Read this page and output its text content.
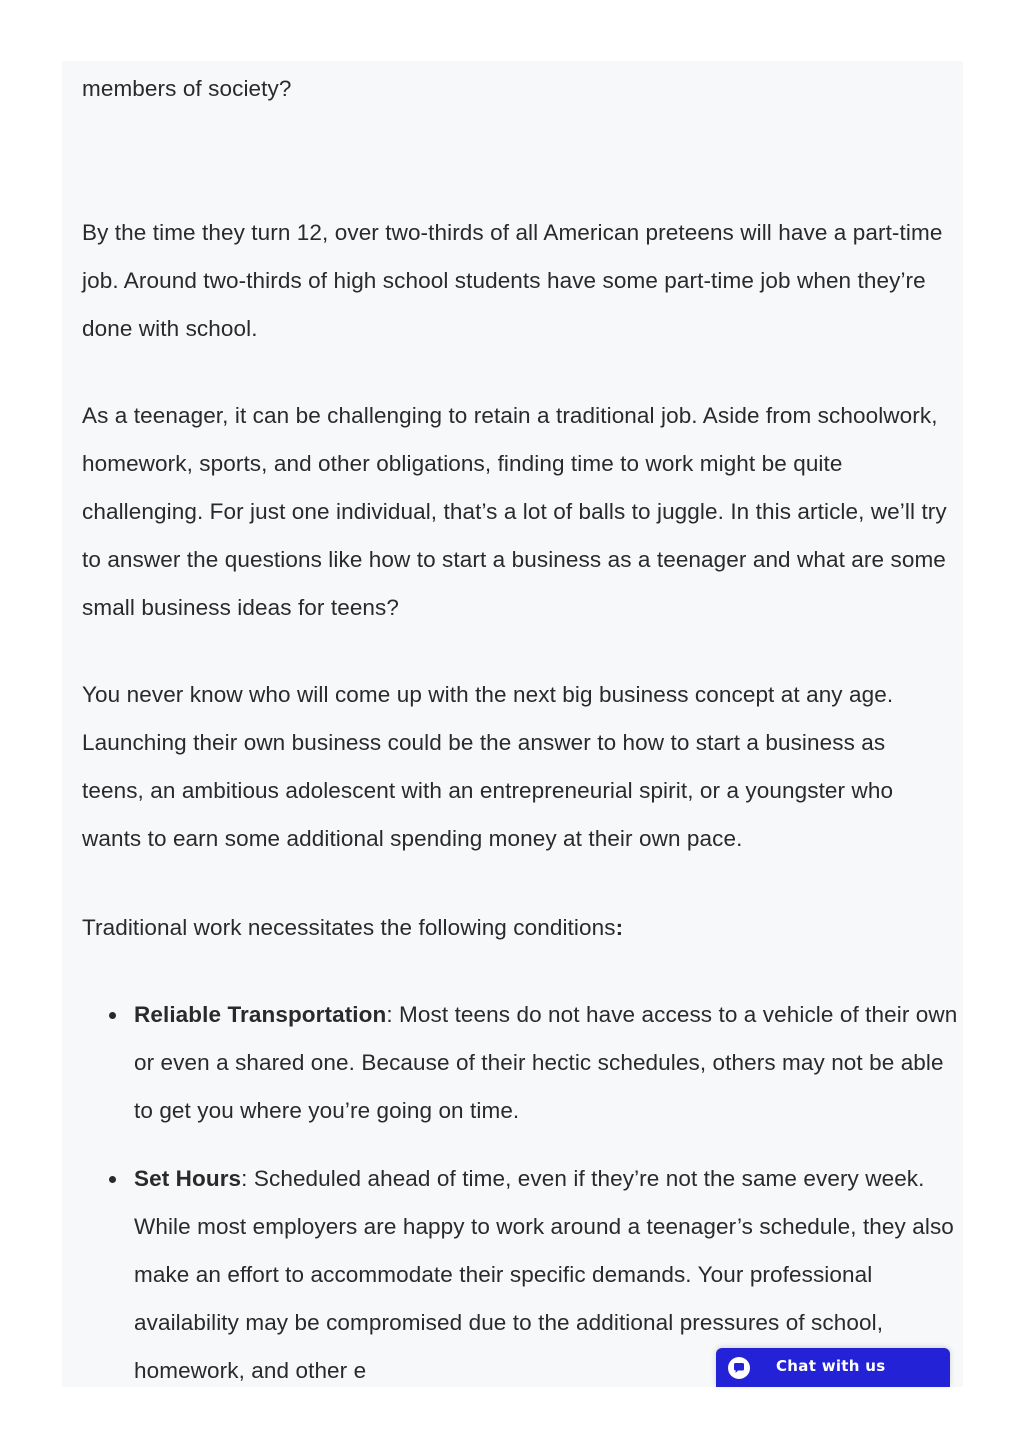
members of society?

By the time they turn 12, over two-thirds of all American preteens will have a part-time job. Around two-thirds of high school students have some part-time job when they’re done with school.

As a teenager, it can be challenging to retain a traditional job. Aside from schoolwork, homework, sports, and other obligations, finding time to work might be quite challenging. For just one individual, that’s a lot of balls to juggle. In this article, we’ll try to answer the questions like how to start a business as a teenager and what are some small business ideas for teens?

You never know who will come up with the next big business concept at any age. Launching their own business could be the answer to how to start a business as teens, an ambitious adolescent with an entrepreneurial spirit, or a youngster who wants to earn some additional spending money at their own pace.

Traditional work necessitates the following conditions:

Reliable Transportation: Most teens do not have access to a vehicle of their own or even a shared one. Because of their hectic schedules, others may not be able to get you where you’re going on time.
Set Hours: Scheduled ahead of time, even if they’re not the same every week. While most employers are happy to work around a teenager’s schedule, they also make an effort to accommodate their specific demands. Your professional availability may be compromised due to the additional pressures of school, homework, and other e	Chat with us
